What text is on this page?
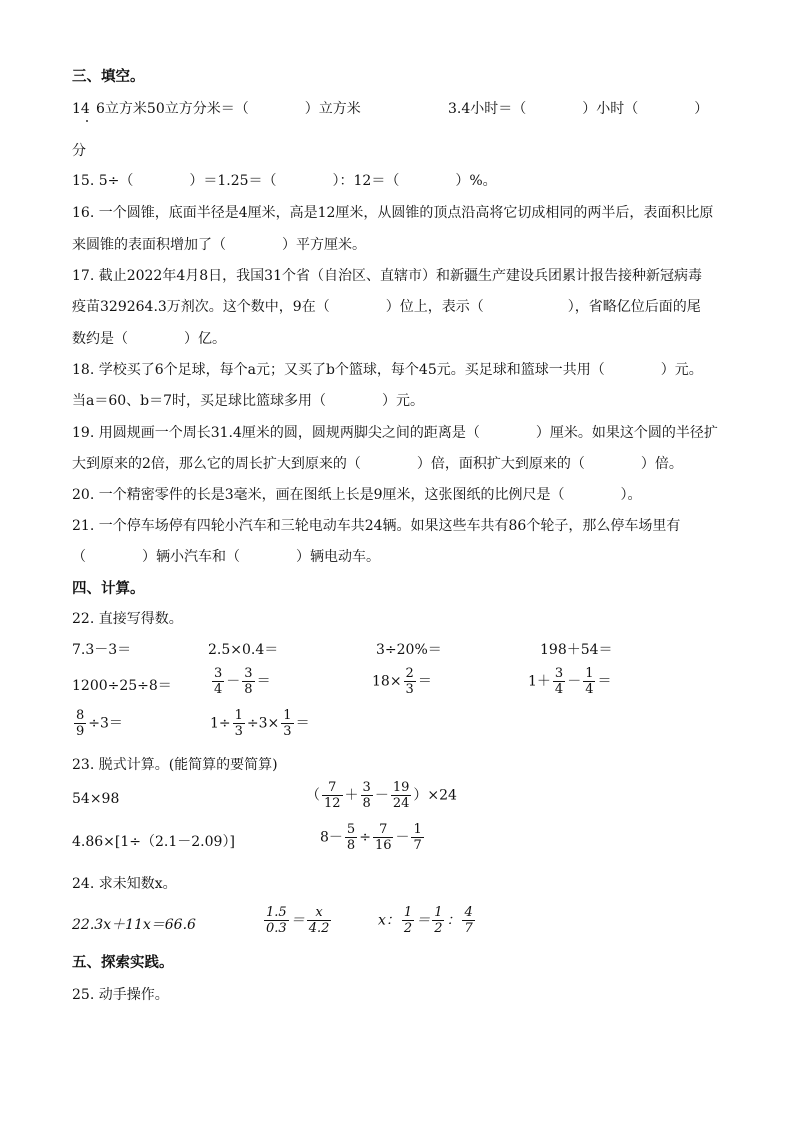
三、填空。
14 6立方米50立方分米＝（　　　　）立方米	3.4小时＝（　　　　）小时（　　　　）
分
15. 5÷（　　　　）＝1.25＝（　　　　）：12＝（　　　　）%。
16. 一个圆锥，底面半径是4厘米，高是12厘米，从圆锥的顶点沿高将它切成相同的两半后，表面积比原
来圆锥的表面积增加了（　　　　）平方厘米。
17. 截止2022年4月8日，我国31个省（自治区、直辖市）和新疆生产建设兵团累计报告接种新冠病毒
疫苗329264.3万剂次。这个数中，9在（　　　　）位上，表示（　　　　　　），省略亿位后面的尾
数约是（　　　　）亿。
18. 学校买了6个足球，每个a元；又买了b个篮球，每个45元。买足球和篮球一共用（　　　　）元。
当a＝60、b＝7时，买足球比篮球多用（　　　　）元。
19. 用圆规画一个周长31.4厘米的圆，圆规两脚尖之间的距离是（　　　　）厘米。如果这个圆的半径扩
大到原来的2倍，那么它的周长扩大到原来的（　　　　）倍，面积扩大到原来的（　　　　）倍。
20. 一个精密零件的长是3毫米，画在图纸上长是9厘米，这张图纸的比例尺是（　　　　）。
21. 一个停车场停有四轮小汽车和三轮电动车共24辆。如果这些车共有86个轮子，那么停车场里有
（　　　　）辆小汽车和（　　　　）辆电动车。
四、计算。
22. 直接写得数。
7.3－3＝	2.5×0.4＝	3÷20%＝	198＋54＝
1200÷25÷8＝	$\frac{3}{4} - \frac{3}{8}$ ＝	$18\times \frac{2}{3}$ ＝	$1+ \frac{3}{4} - \frac{1}{4}$ ＝
$\frac{8}{9} \div 3=$	$1\div \frac{1}{3} \div 3\times \frac{1}{3}$ ＝
23. 脱式计算。(能简算的要简算)
54×98	（ $\frac{7}{12} + \frac{3}{8} - \frac{19}{24} )\times 24$
4.86×[1÷（2.1－2.09）]	$8- \frac{5}{8} \div \frac{7}{16} - \frac{1}{7}$
24. 求未知数x。
22.3x＋11x＝66.6	$\frac{1.5}{0.3} = \frac{x}{4.2}$	x： $\frac{1}{2} = \frac{1}{2}$ ： $\frac{4}{7}$
五、探索实践。
25. 动手操作。
